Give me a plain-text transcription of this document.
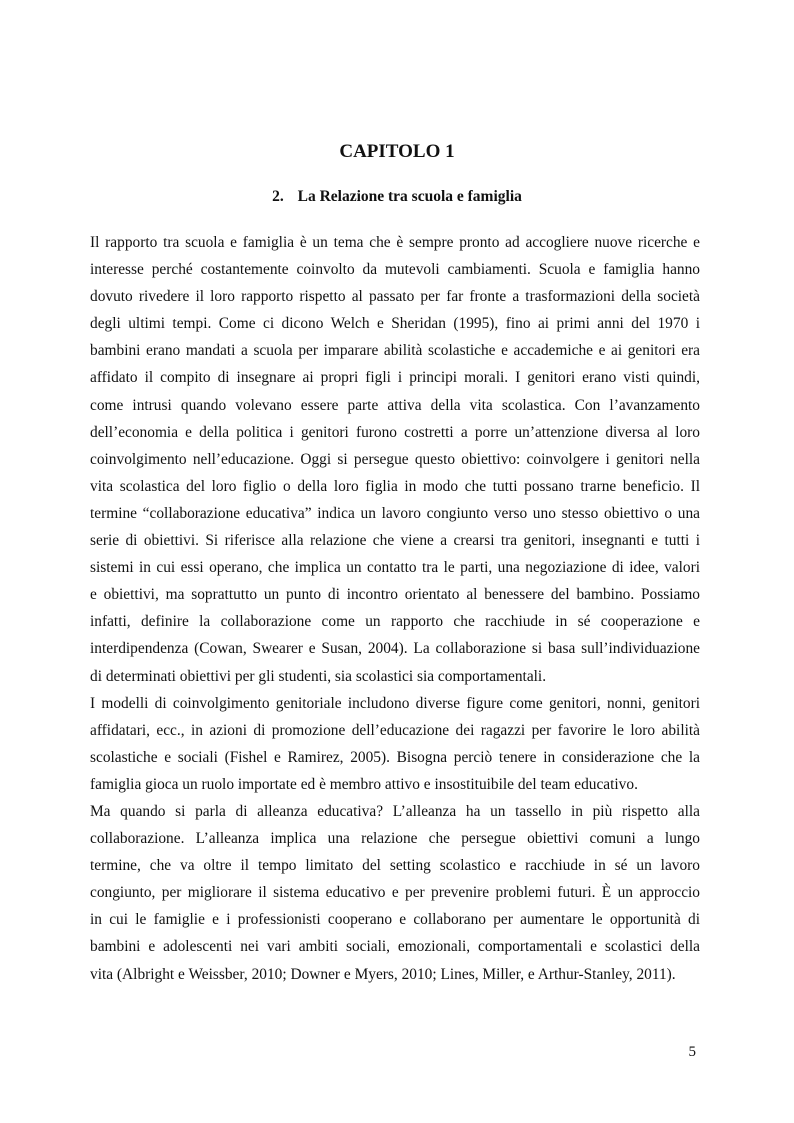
CAPITOLO 1
2. La Relazione tra scuola e famiglia
Il rapporto tra scuola e famiglia è un tema che è sempre pronto ad accogliere nuove ricerche e
interesse perché costantemente coinvolto da mutevoli cambiamenti. Scuola e famiglia hanno
dovuto rivedere il loro rapporto rispetto al passato per far fronte a trasformazioni della società
degli ultimi tempi. Come ci dicono Welch e Sheridan (1995), fino ai primi anni del 1970 i
bambini erano mandati a scuola per imparare abilità scolastiche e accademiche e ai genitori era
affidato il compito di insegnare ai propri figli i principi morali. I genitori erano visti quindi,
come intrusi quando volevano essere parte attiva della vita scolastica. Con l’avanzamento
dell’economia e della politica i genitori furono costretti a porre un’attenzione diversa al loro
coinvolgimento nell’educazione. Oggi si persegue questo obiettivo: coinvolgere i genitori nella
vita scolastica del loro figlio o della loro figlia in modo che tutti possano trarne beneficio. Il
termine “collaborazione educativa” indica un lavoro congiunto verso uno stesso obiettivo o una
serie di obiettivi. Si riferisce alla relazione che viene a crearsi tra genitori, insegnanti e tutti i
sistemi in cui essi operano, che implica un contatto tra le parti, una negoziazione di idee, valori
e obiettivi, ma soprattutto un punto di incontro orientato al benessere del bambino. Possiamo
infatti, definire la collaborazione come un rapporto che racchiude in sé cooperazione e
interdipendenza (Cowan, Swearer e Susan, 2004). La collaborazione si basa sull’individuazione
di determinati obiettivi per gli studenti, sia scolastici sia comportamentali.
I modelli di coinvolgimento genitoriale includono diverse figure come genitori, nonni, genitori
affidatari, ecc., in azioni di promozione dell’educazione dei ragazzi per favorire le loro abilità
scolastiche e sociali (Fishel e Ramirez, 2005). Bisogna perciò tenere in considerazione che la
famiglia gioca un ruolo importate ed è membro attivo e insostituibile del team educativo.
Ma quando si parla di alleanza educativa? L’alleanza ha un tassello in più rispetto alla
collaborazione. L’alleanza implica una relazione che persegue obiettivi comuni a lungo
termine, che va oltre il tempo limitato del setting scolastico e racchiude in sé un lavoro
congiunto, per migliorare il sistema educativo e per prevenire problemi futuri. È un approccio
in cui le famiglie e i professionisti cooperano e collaborano per aumentare le opportunità di
bambini e adolescenti nei vari ambiti sociali, emozionali, comportamentali e scolastici della
vita (Albright e Weissber, 2010; Downer e Myers, 2010; Lines, Miller, e Arthur-Stanley, 2011).
5
